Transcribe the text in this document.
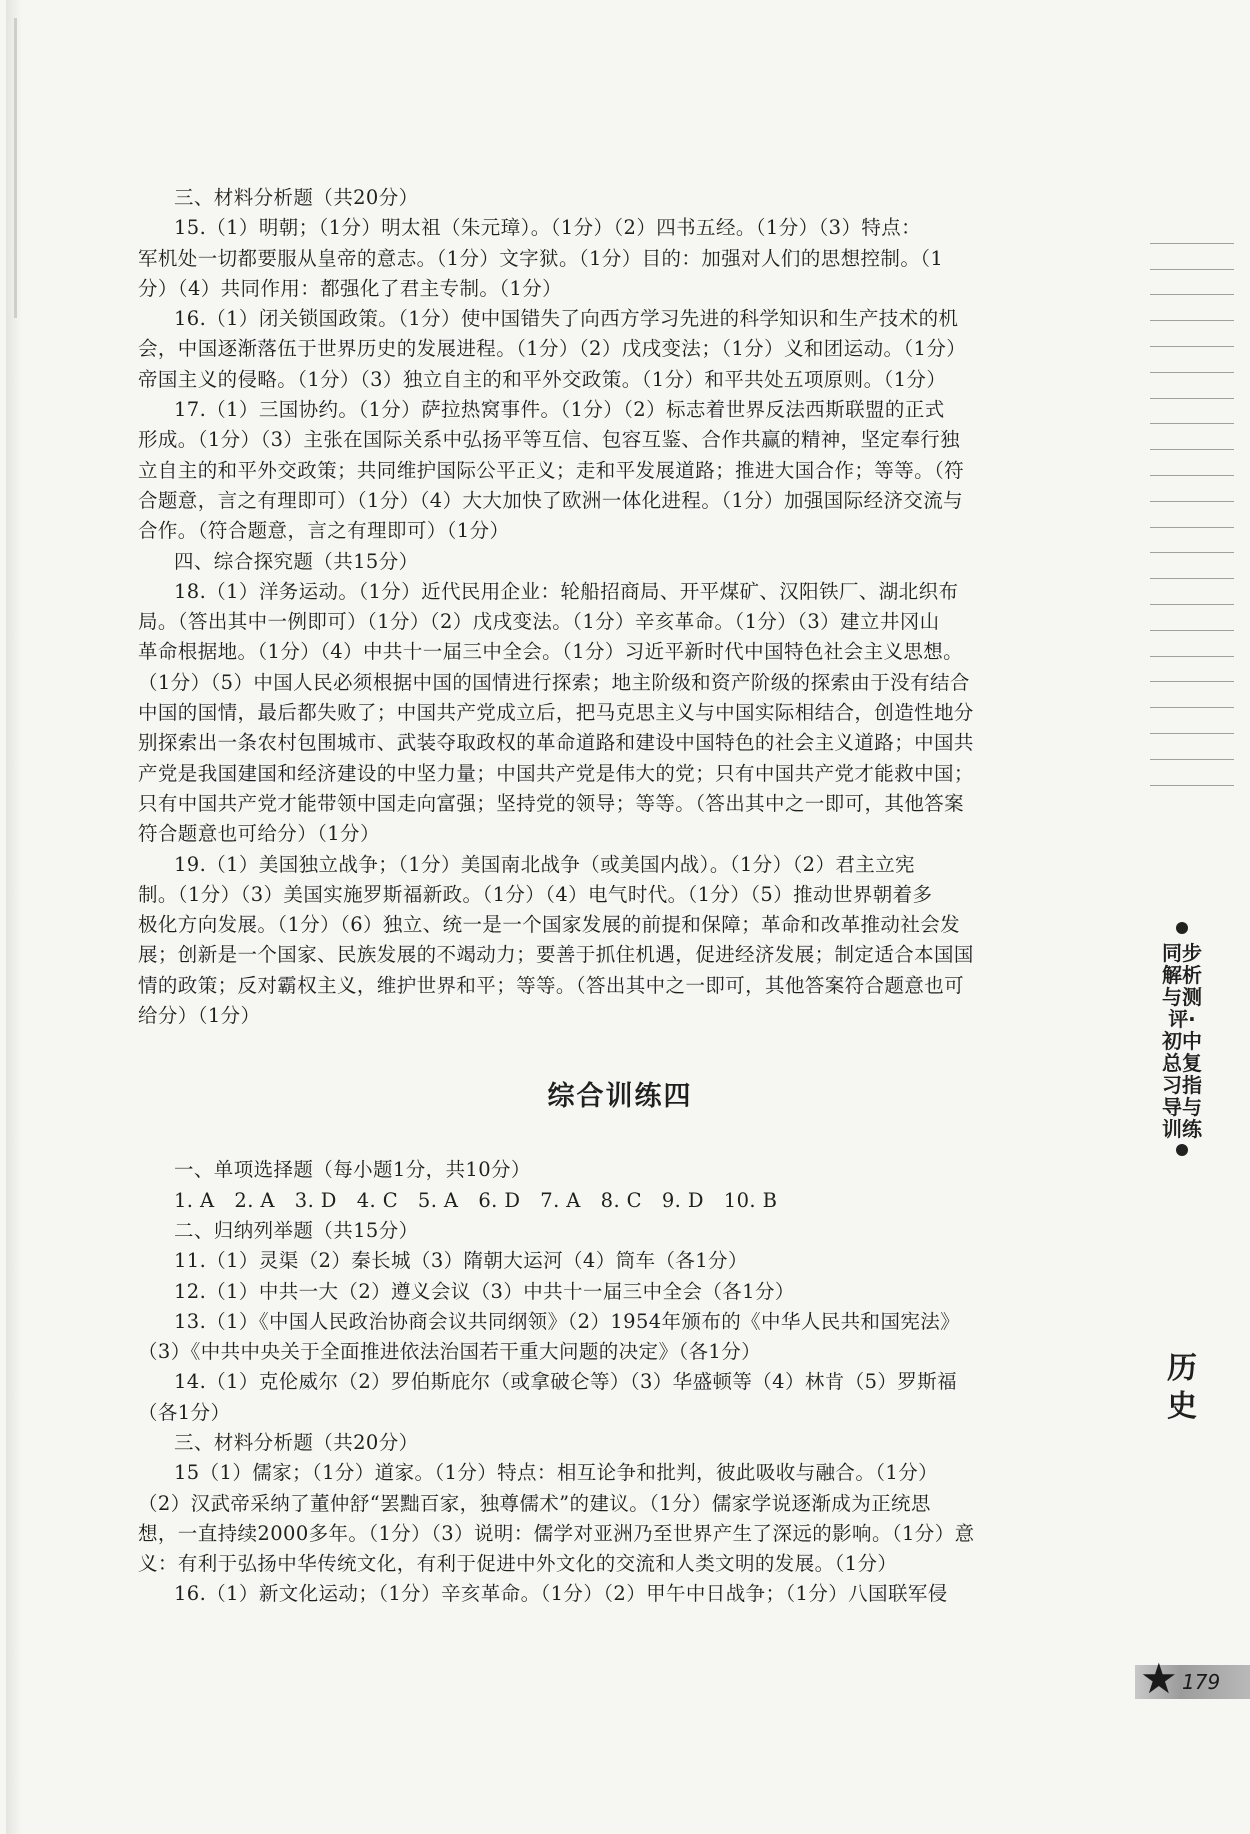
三、材料分析题（共20分）
15.（1）明朝；（1分）明太祖（朱元璋）。（1分）（2）四书五经。（1分）（3）特点：
军机处一切都要服从皇帝的意志。（1分）文字狱。（1分）目的：加强对人们的思想控制。（1
分）（4）共同作用：都强化了君主专制。（1分）
16.（1）闭关锁国政策。（1分）使中国错失了向西方学习先进的科学知识和生产技术的机
会，中国逐渐落伍于世界历史的发展进程。（1分）（2）戊戌变法；（1分）义和团运动。（1分）
帝国主义的侵略。（1分）（3）独立自主的和平外交政策。（1分）和平共处五项原则。（1分）
17.（1）三国协约。（1分）萨拉热窝事件。（1分）（2）标志着世界反法西斯联盟的正式
形成。（1分）（3）主张在国际关系中弘扬平等互信、包容互鉴、合作共赢的精神，坚定奉行独
立自主的和平外交政策；共同维护国际公平正义；走和平发展道路；推进大国合作；等等。（符
合题意，言之有理即可）（1分）（4）大大加快了欧洲一体化进程。（1分）加强国际经济交流与
合作。（符合题意，言之有理即可）（1分）
四、综合探究题（共15分）
18.（1）洋务运动。（1分）近代民用企业：轮船招商局、开平煤矿、汉阳铁厂、湖北织布
局。（答出其中一例即可）（1分）（2）戊戌变法。（1分）辛亥革命。（1分）（3）建立井冈山
革命根据地。（1分）（4）中共十一届三中全会。（1分）习近平新时代中国特色社会主义思想。
（1分）（5）中国人民必须根据中国的国情进行探索；地主阶级和资产阶级的探索由于没有结合
中国的国情，最后都失败了；中国共产党成立后，把马克思主义与中国实际相结合，创造性地分
别探索出一条农村包围城市、武装夺取政权的革命道路和建设中国特色的社会主义道路；中国共
产党是我国建国和经济建设的中坚力量；中国共产党是伟大的党；只有中国共产党才能救中国；
只有中国共产党才能带领中国走向富强；坚持党的领导；等等。（答出其中之一即可，其他答案
符合题意也可给分）（1分）
19.（1）美国独立战争；（1分）美国南北战争（或美国内战）。（1分）（2）君主立宪
制。（1分）（3）美国实施罗斯福新政。（1分）（4）电气时代。（1分）（5）推动世界朝着多
极化方向发展。（1分）（6）独立、统一是一个国家发展的前提和保障；革命和改革推动社会发
展；创新是一个国家、民族发展的不竭动力；要善于抓住机遇，促进经济发展；制定适合本国国
情的政策；反对霸权主义，维护世界和平；等等。（答出其中之一即可，其他答案符合题意也可
给分）（1分）
综合训练四
一、单项选择题（每小题1分，共10分）
1. A　2. A　3. D　4. C　5. A　6. D　7. A　8. C　9. D　10. B
二、归纳列举题（共15分）
11.（1）灵渠（2）秦长城（3）隋朝大运河（4）筒车（各1分）
12.（1）中共一大（2）遵义会议（3）中共十一届三中全会（各1分）
13.（1）《中国人民政治协商会议共同纲领》（2）1954年颁布的《中华人民共和国宪法》
（3）《中共中央关于全面推进依法治国若干重大问题的决定》（各1分）
14.（1）克伦威尔（2）罗伯斯庇尔（或拿破仑等）（3）华盛顿等（4）林肯（5）罗斯福
（各1分）
三、材料分析题（共20分）
15（1）儒家；（1分）道家。（1分）特点：相互论争和批判，彼此吸收与融合。（1分）
（2）汉武帝采纳了董仲舒“罢黜百家，独尊儒术”的建议。（1分）儒家学说逐渐成为正统思
想，一直持续2000多年。（1分）（3）说明：儒学对亚洲乃至世界产生了深远的影响。（1分）意
义：有利于弘扬中华传统文化，有利于促进中外文化的交流和人类文明的发展。（1分）
16.（1）新文化运动；（1分）辛亥革命。（1分）（2）甲午中日战争；（1分）八国联军侵
同步解析与测评·初中总复习指导与训练
历史
★ 179
